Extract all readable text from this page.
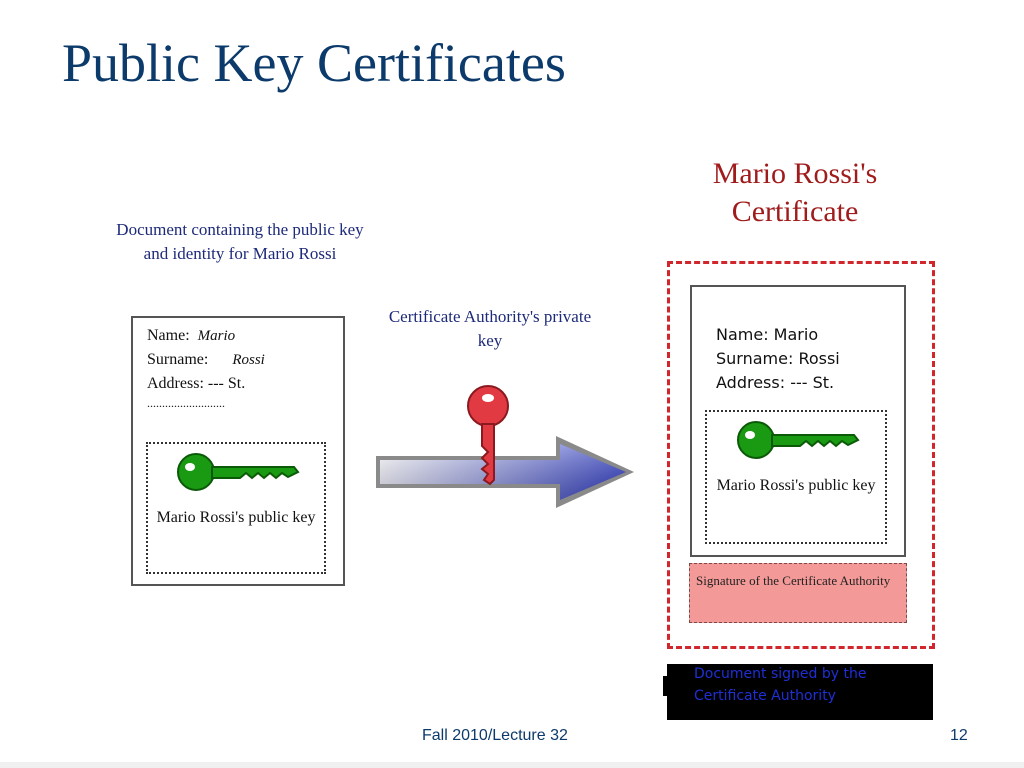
Public Key Certificates
Document containing the public key and identity for Mario Rossi
Name: Mario
Surname: Rossi
Address: --- St.
..........................
Mario Rossi's public key
Certificate Authority's private key
Mario Rossi's Certificate
Name: Mario
Surname: Rossi
Address: --- St.
Mario Rossi's public key
Signature of the Certificate Authority
Document signed by the Certificate Authority
Fall 2010/Lecture 32	12
